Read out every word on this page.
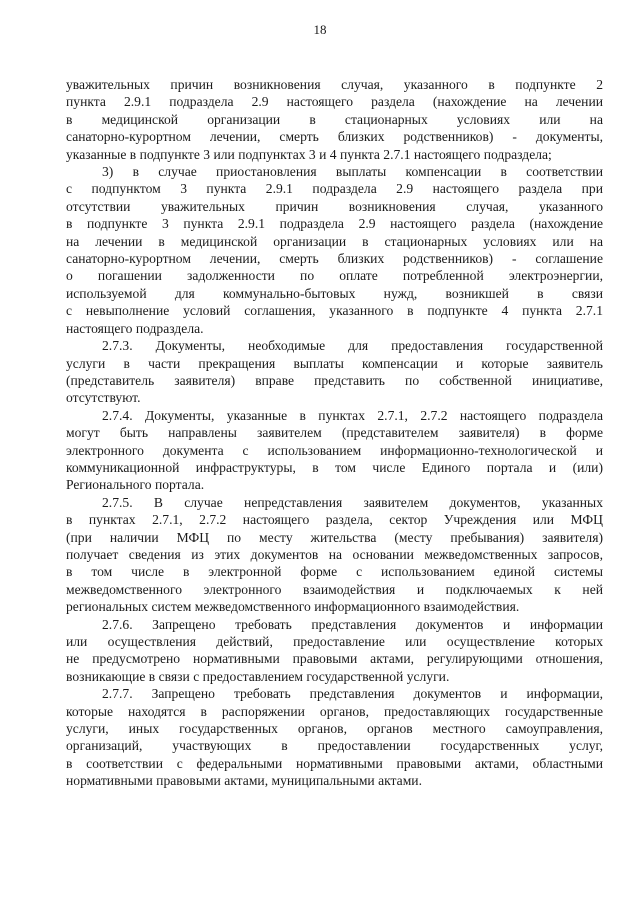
18
уважительных причин возникновения случая, указанного в подпункте 2
пункта 2.9.1 подраздела 2.9 настоящего раздела (нахождение на лечении
в медицинской организации в стационарных условиях или на
санаторно-курортном лечении, смерть близких родственников) - документы,
указанные в подпункте 3 или подпунктах 3 и 4 пункта 2.7.1 настоящего подраздела;
3) в случае приостановления выплаты компенсации в соответствии
с подпунктом 3 пункта 2.9.1 подраздела 2.9 настоящего раздела при
отсутствии уважительных причин возникновения случая, указанного
в подпункте 3 пункта 2.9.1 подраздела 2.9 настоящего раздела (нахождение
на лечении в медицинской организации в стационарных условиях или на
санаторно-курортном лечении, смерть близких родственников) - соглашение
о погашении задолженности по оплате потребленной электроэнергии,
используемой для коммунально-бытовых нужд, возникшей в связи
с невыполнение условий соглашения, указанного в подпункте 4 пункта 2.7.1
настоящего подраздела.
2.7.3. Документы, необходимые для предоставления государственной
услуги в части прекращения выплаты компенсации и которые заявитель
(представитель заявителя) вправе представить по собственной инициативе,
отсутствуют.
2.7.4. Документы, указанные в пунктах 2.7.1, 2.7.2 настоящего подраздела
могут быть направлены заявителем (представителем заявителя) в форме
электронного документа с использованием информационно-технологической и
коммуникационной инфраструктуры, в том числе Единого портала и (или)
Регионального портала.
2.7.5. В случае непредставления заявителем документов, указанных
в пунктах 2.7.1, 2.7.2 настоящего раздела, сектор Учреждения или МФЦ
(при наличии МФЦ по месту жительства (месту пребывания) заявителя)
получает сведения из этих документов на основании межведомственных запросов,
в том числе в электронной форме с использованием единой системы
межведомственного электронного взаимодействия и подключаемых к ней
региональных систем межведомственного информационного взаимодействия.
2.7.6. Запрещено требовать представления документов и информации
или осуществления действий, предоставление или осуществление которых
не предусмотрено нормативными правовыми актами, регулирующими отношения,
возникающие в связи с предоставлением государственной услуги.
2.7.7. Запрещено требовать представления документов и информации,
которые находятся в распоряжении органов, предоставляющих государственные
услуги, иных государственных органов, органов местного самоуправления,
организаций, участвующих в предоставлении государственных услуг,
в соответствии с федеральными нормативными правовыми актами, областными
нормативными правовыми актами, муниципальными актами.
